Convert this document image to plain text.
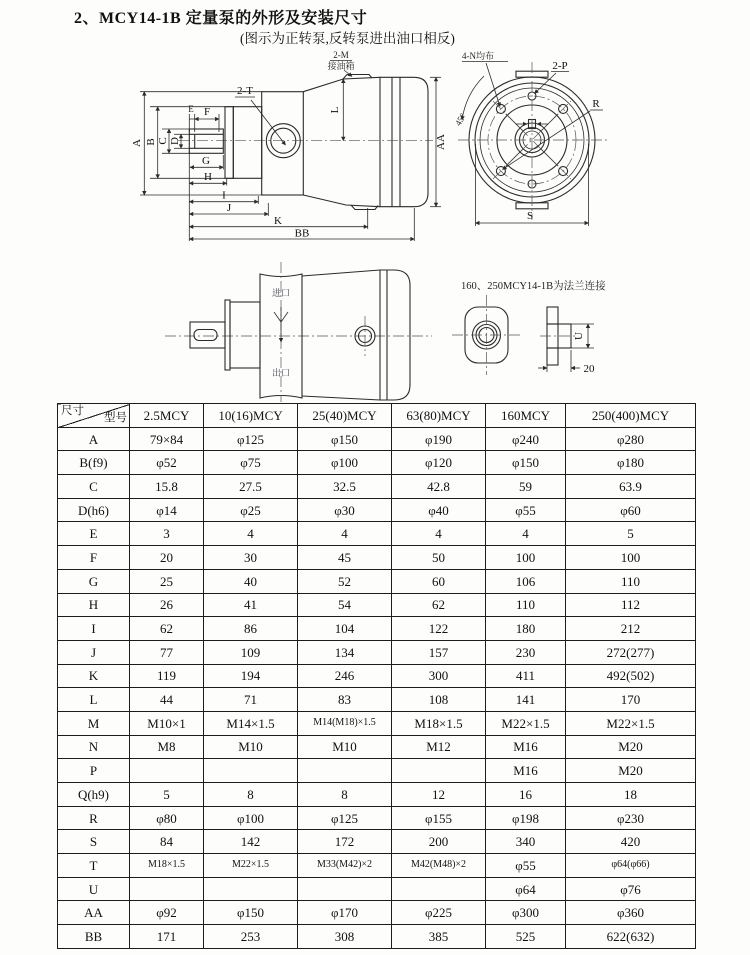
2、MCY14-1B 定量泵的外形及安装尺寸
(图示为正转泵,反转泵进出油口相反)
A B C D
E F
G
H
I
J
K
BB
L
AA
2-T
2-M
接油箱
4-N均布
2-P
R
45°
S
进口
出口
160、250MCY14-1B为法兰连接
U
20
尺寸
型号	2.5MCY	10(16)MCY	25(40)MCY	63(80)MCY	160MCY	250(400)MCY
A	79×84	φ125	φ150	φ190	φ240	φ280
B(f9)	φ52	φ75	φ100	φ120	φ150	φ180
C	15.8	27.5	32.5	42.8	59	63.9
D(h6)	φ14	φ25	φ30	φ40	φ55	φ60
E	3	4	4	4	4	5
F	20	30	45	50	100	100
G	25	40	52	60	106	110
H	26	41	54	62	110	112
I	62	86	104	122	180	212
J	77	109	134	157	230	272(277)
K	119	194	246	300	411	492(502)
L	44	71	83	108	141	170
M	M10×1	M14×1.5	M14(M18)×1.5	M18×1.5	M22×1.5	M22×1.5
N	M8	M10	M10	M12	M16	M20
P					M16	M20
Q(h9)	5	8	8	12	16	18
R	φ80	φ100	φ125	φ155	φ198	φ230
S	84	142	172	200	340	420
T	M18×1.5	M22×1.5	M33(M42)×2	M42(M48)×2	φ55	φ64(φ66)
U					φ64	φ76
AA	φ92	φ150	φ170	φ225	φ300	φ360
BB	171	253	308	385	525	622(632)
